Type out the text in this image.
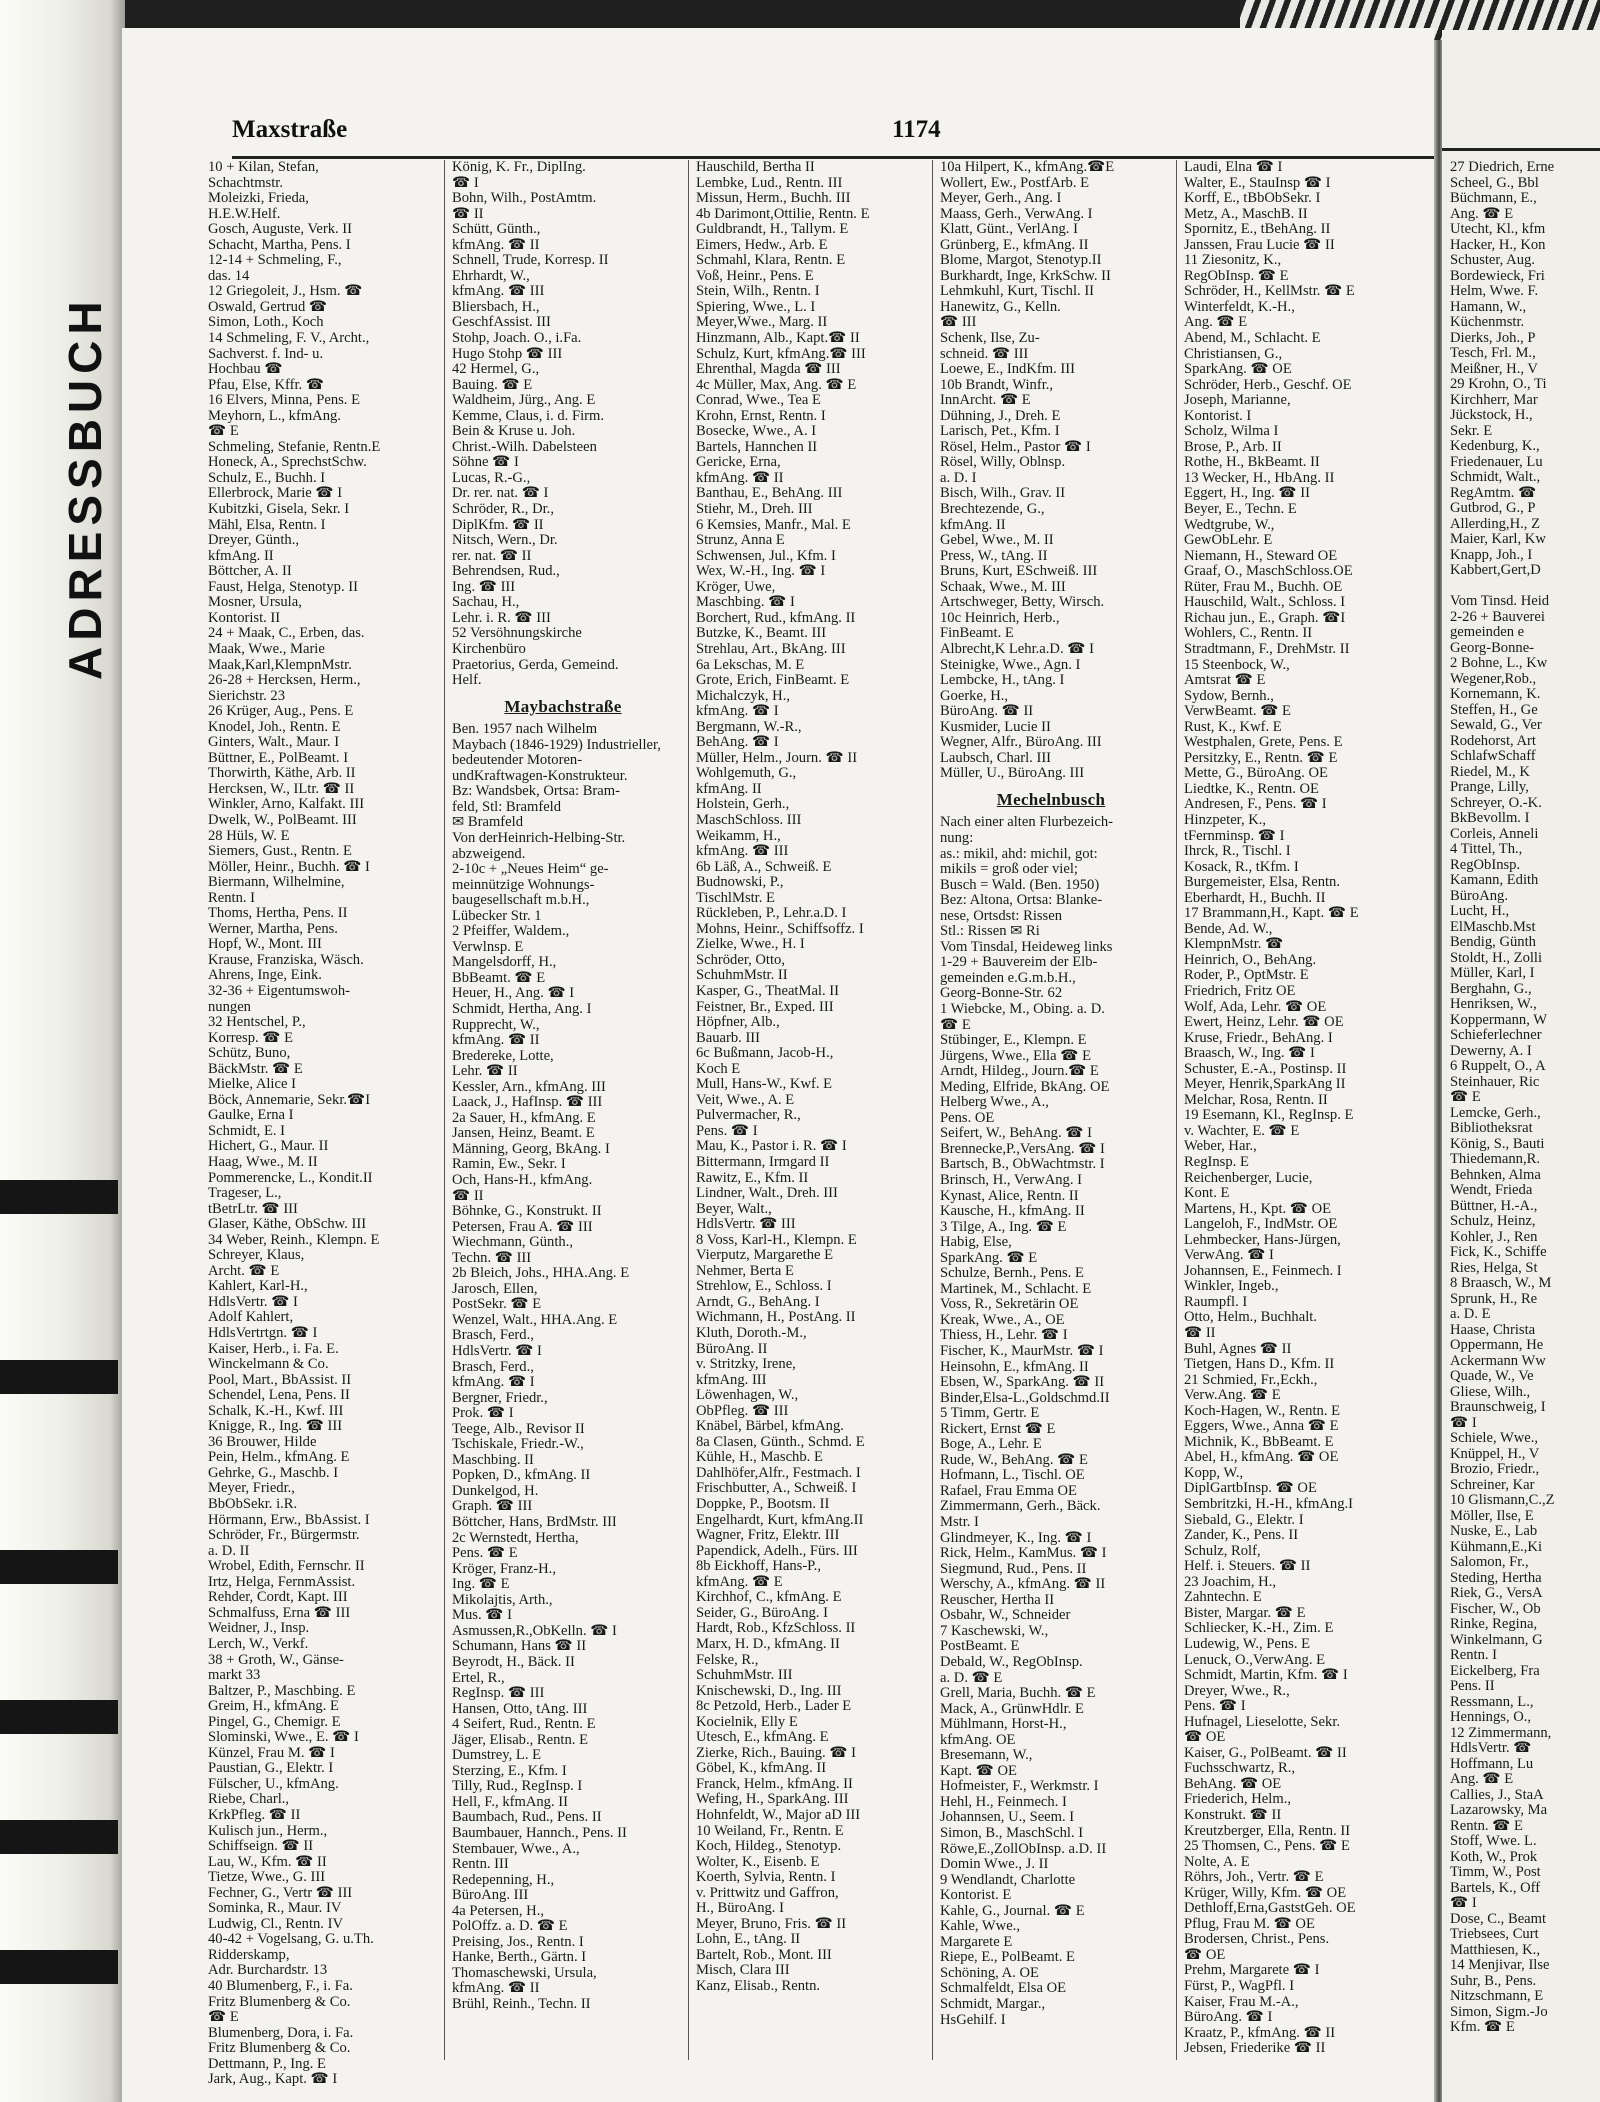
ADRESSBUCH
Maxstraße	1174
27 Diedrich, Erne
Scheel, G., Bbl
Büchmann, E.,
Ang. ☎ E
Utecht, Kl., kfm
Hacker, H., Kon
Schuster, Aug.
Bordewieck, Fri
Helm, Wwe. F.
Hamann, W.,
Küchenmstr.
Dierks, Joh., P
Tesch, Frl. M.,
Meißner, H., V
29 Krohn, O., Ti
Kirchherr, Mar
Jückstock, H.,
Sekr. E
Kedenburg, K.,
Friedenauer, Lu
Schmidt, Walt.,
RegAmtm. ☎
Gutbrod, G., P
Allerding,H., Z
Maier, Karl, Kw
Knapp, Joh., I
Kabbert,Gert,D

Vom Tinsd. Heid
2-26 + Bauverei
gemeinden e
Georg-Bonne-
2 Bohne, L., Kw
Wegener,Rob.,
Kornemann, K.
Steffen, H., Ge
Sewald, G., Ver
Rodehorst, Art
SchlafwSchaff
Riedel, M., K
Prange, Lilly,
Schreyer, O.-K.
BkBevollm. I
Corleis, Anneli
4 Tittel, Th.,
RegObInsp.
Kamann, Edith
BüroAng.
Lucht, H.,
ElMaschb.Mst
Bendig, Günth
Stoldt, H., Zolli
Müller, Karl, I
Berghahn, G.,
Henriksen, W.,
Koppermann, W
Schieferlechner
Dewerny, A. I
6 Ruppelt, O., A
Steinhauer, Ric
☎ E
Lemcke, Gerh.,
Bibliotheksrat
König, S., Bauti
Thiedemann,R.
Behnken, Alma
Wendt, Frieda
Büttner, H.-A.,
Schulz, Heinz,
Kohler, J., Ren
Fick, K., Schiffe
Ries, Helga, St
8 Braasch, W., M
Sprunk, H., Re
a. D. E
Haase, Christa
Oppermann, He
Ackermann Ww
Quade, W., Ve
Gliese, Wilh.,
Braunschweig, I
☎ I
Schiele, Wwe.,
Knüppel, H., V
Brozio, Friedr.,
Schreiner, Kar
10 Glismann,C.,Z
Möller, Ilse, E
Nuske, E., Lab
Kühmann,E.,Ki
Salomon, Fr.,
Steding, Hertha
Riek, G., VersA
Fischer, W., Ob
Rinke, Regina,
Winkelmann, G
Rentn. I
Eickelberg, Fra
Pens. II
Ressmann, L.,
Hennings, O.,
12 Zimmermann,
HdlsVertr. ☎
Hoffmann, Lu
Ang. ☎ E
Callies, J., StaA
Lazarowsky, Ma
Rentn. ☎ E
Stoff, Wwe. L.
Koth, W., Prok
Timm, W., Post
Bartels, K., Off
☎ I
Dose, C., Beamt
Triebsees, Curt
Matthiesen, K.,
14 Menjivar, Ilse
Suhr, B., Pens.
Nitzschmann, E
Simon, Sigm.-Jo
Kfm. ☎ E
10 + Kilan, Stefan,
Schachtmstr.
Moleizki, Frieda,
H.E.W.Helf.
Gosch, Auguste, Verk. II
Schacht, Martha, Pens. I
12-14 + Schmeling, F.,
das. 14
12 Griegoleit, J., Hsm. ☎
Oswald, Gertrud ☎
Simon, Loth., Koch
14 Schmeling, F. V., Archt.,
Sachverst. f. Ind- u.
Hochbau ☎
Pfau, Else, Kffr. ☎
16 Elvers, Minna, Pens. E
Meyhorn, L., kfmAng.
☎ E
Schmeling, Stefanie, Rentn.E
Honeck, A., SprechstSchw.
Schulz, E., Buchh. I
Ellerbrock, Marie ☎ I
Kubitzki, Gisela, Sekr. I
Mähl, Elsa, Rentn. I
Dreyer, Günth.,
kfmAng. II
Böttcher, A. II
Faust, Helga, Stenotyp. II
Mosner, Ursula,
Kontorist. II
24 + Maak, C., Erben, das.
Maak, Wwe., Marie
Maak,Karl,KlempnMstr.
26-28 + Hercksen, Herm.,
Sierichstr. 23
26 Krüger, Aug., Pens. E
Knodel, Joh., Rentn. E
Ginters, Walt., Maur. I
Büttner, E., PolBeamt. I
Thorwirth, Käthe, Arb. II
Hercksen, W., ILtr. ☎ II
Winkler, Arno, Kalfakt. III
Dwelk, W., PolBeamt. III
28 Hüls, W. E
Siemers, Gust., Rentn. E
Möller, Heinr., Buchh. ☎ I
Biermann, Wilhelmine,
Rentn. I
Thoms, Hertha, Pens. II
Werner, Martha, Pens.
Hopf, W., Mont. III
Krause, Franziska, Wäsch.
Ahrens, Inge, Eink.
32-36 + Eigentumswoh-
nungen
32 Hentschel, P.,
Korresp. ☎ E
Schütz, Buno,
BäckMstr. ☎ E
Mielke, Alice I
Böck, Annemarie, Sekr.☎I
Gaulke, Erna I
Schmidt, E. I
Hichert, G., Maur. II
Haag, Wwe., M. II
Pommerencke, L., Kondit.II
Trageser, L.,
tBetrLtr. ☎ III
Glaser, Käthe, ObSchw. III
34 Weber, Reinh., Klempn. E
Schreyer, Klaus,
Archt. ☎ E
Kahlert, Karl-H.,
HdlsVertr. ☎ I
Adolf Kahlert,
HdlsVertrtgn. ☎ I
Kaiser, Herb., i. Fa. E.
Winckelmann & Co.
Pool, Mart., BbAssist. II
Schendel, Lena, Pens. II
Schalk, K.-H., Kwf. III
Knigge, R., Ing. ☎ III
36 Brouwer, Hilde
Pein, Helm., kfmAng. E
Gehrke, G., Maschb. I
Meyer, Friedr.,
BbObSekr. i.R.
Hörmann, Erw., BbAssist. I
Schröder, Fr., Bürgermstr.
a. D. II
Wrobel, Edith, Fernschr. II
Irtz, Helga, FernmAssist.
Rehder, Cordt, Kapt. III
Schmalfuss, Erna ☎ III
Weidner, J., Insp.
Lerch, W., Verkf.
38 + Groth, W., Gänse-
markt 33
Baltzer, P., Maschbing. E
Greim, H., kfmAng. E
Pingel, G., Chemigr. E
Slominski, Wwe., E. ☎ I
Künzel, Frau M. ☎ I
Paustian, G., Elektr. I
Fülscher, U., kfmAng.
Riebe, Charl.,
KrkPfleg. ☎ II
Kulisch jun., Herm.,
Schiffseign. ☎ II
Lau, W., Kfm. ☎ II
Tietze, Wwe., G. III
Fechner, G., Vertr ☎ III
Sominka, R., Maur. IV
Ludwig, Cl., Rentn. IV
40-42 + Vogelsang, G. u.Th.
Ridderskamp,
Adr. Burchardstr. 13
40 Blumenberg, F., i. Fa.
Fritz Blumenberg & Co.
☎ E
Blumenberg, Dora, i. Fa.
Fritz Blumenberg & Co.
Dettmann, P., Ing. E
Jark, Aug., Kapt. ☎ I
König, K. Fr., DiplIng.
☎ I
Bohn, Wilh., PostAmtm.
☎ II
Schütt, Günth.,
kfmAng. ☎ II
Schnell, Trude, Korresp. II
Ehrhardt, W.,
kfmAng. ☎ III
Bliersbach, H.,
GeschfAssist. III
Stohp, Joach. O., i.Fa.
Hugo Stohp ☎ III
42 Hermel, G.,
Bauing. ☎ E
Waldheim, Jürg., Ang. E
Kemme, Claus, i. d. Firm.
Bein & Kruse u. Joh.
Christ.-Wilh. Dabelsteen
Söhne ☎ I
Lucas, R.-G.,
Dr. rer. nat. ☎ I
Schröder, R., Dr.,
DiplKfm. ☎ II
Nitsch, Wern., Dr.
rer. nat. ☎ II
Behrendsen, Rud.,
Ing. ☎ III
Sachau, H.,
Lehr. i. R. ☎ III
52 Versöhnungskirche
Kirchenbüro
Praetorius, Gerda, Gemeind.
Helf.
Maybachstraße
Ben. 1957 nach Wilhelm
Maybach (1846-1929) Industrieller,
bedeutender Motoren-
undKraftwagen-Konstrukteur.
Bz: Wandsbek, Ortsa: Bram-
feld, Stl: Bramfeld
✉ Bramfeld
Von derHeinrich-Helbing-Str.
abzweigend.
2-10c + „Neues Heim“ ge-
meinnützige Wohnungs-
baugesellschaft m.b.H.,
Lübecker Str. 1
2 Pfeiffer, Waldem.,
Verwlnsp. E
Mangelsdorff, H.,
BbBeamt. ☎ E
Heuer, H., Ang. ☎ I
Schmidt, Hertha, Ang. I
Rupprecht, W.,
kfmAng. ☎ II
Bredereke, Lotte,
Lehr. ☎ II
Kessler, Arn., kfmAng. III
Laack, J., HafInsp. ☎ III
2a Sauer, H., kfmAng. E
Jansen, Heinz, Beamt. E
Männing, Georg, BkAng. I
Ramin, Ew., Sekr. I
Och, Hans-H., kfmAng.
☎ II
Böhnke, G., Konstrukt. II
Petersen, Frau A. ☎ III
Wiechmann, Günth.,
Techn. ☎ III
2b Bleich, Johs., HHA.Ang. E
Jarosch, Ellen,
PostSekr. ☎ E
Wenzel, Walt., HHA.Ang. E
Brasch, Ferd.,
HdlsVertr. ☎ I
Brasch, Ferd.,
kfmAng. ☎ I
Bergner, Friedr.,
Prok. ☎ I
Teege, Alb., Revisor II
Tschiskale, Friedr.-W.,
Maschbing. II
Popken, D., kfmAng. II
Dunkelgod, H.
Graph. ☎ III
Böttcher, Hans, BrdMstr. III
2c Wernstedt, Hertha,
Pens. ☎ E
Kröger, Franz-H.,
Ing. ☎ E
Mikolajtis, Arth.,
Mus. ☎ I
Asmussen,R.,ObKelln. ☎ I
Schumann, Hans ☎ II
Beyrodt, H., Bäck. II
Ertel, R.,
RegInsp. ☎ III
Hansen, Otto, tAng. III
4 Seifert, Rud., Rentn. E
Jäger, Elisab., Rentn. E
Dumstrey, L. E
Sterzing, E., Kfm. I
Tilly, Rud., RegInsp. I
Hell, F., kfmAng. II
Baumbach, Rud., Pens. II
Baumbauer, Hannch., Pens. II
Stembauer, Wwe., A.,
Rentn. III
Redepenning, H.,
BüroAng. III
4a Petersen, H.,
PolOffz. a. D. ☎ E
Preising, Jos., Rentn. I
Hanke, Berth., Gärtn. I
Thomaschewski, Ursula,
kfmAng. ☎ II
Brühl, Reinh., Techn. II
Hauschild, Bertha II
Lembke, Lud., Rentn. III
Missun, Herm., Buchh. III
4b Darimont,Ottilie, Rentn. E
Guldbrandt, H., Tallym. E
Eimers, Hedw., Arb. E
Schmahl, Klara, Rentn. E
Voß, Heinr., Pens. E
Stein, Wilh., Rentn. I
Spiering, Wwe., L. I
Meyer,Wwe., Marg. II
Hinzmann, Alb., Kapt.☎ II
Schulz, Kurt, kfmAng.☎ III
Ehrenthal, Magda ☎ III
4c Müller, Max, Ang. ☎ E
Conrad, Wwe., Tea E
Krohn, Ernst, Rentn. I
Bosecke, Wwe., A. I
Bartels, Hannchen II
Gericke, Erna,
kfmAng. ☎ II
Banthau, E., BehAng. III
Stiehr, M., Dreh. III
6 Kemsies, Manfr., Mal. E
Strunz, Anna E
Schwensen, Jul., Kfm. I
Wex, W.-H., Ing. ☎ I
Kröger, Uwe,
Maschbing. ☎ I
Borchert, Rud., kfmAng. II
Butzke, K., Beamt. III
Strehlau, Art., BkAng. III
6a Lekschas, M. E
Grote, Erich, FinBeamt. E
Michalczyk, H.,
kfmAng. ☎ I
Bergmann, W.-R.,
BehAng. ☎ I
Müller, Helm., Journ. ☎ II
Wohlgemuth, G.,
kfmAng. II
Holstein, Gerh.,
MaschSchloss. III
Weikamm, H.,
kfmAng. ☎ III
6b Läß, A., Schweiß. E
Budnowski, P.,
TischlMstr. E
Rückleben, P., Lehr.a.D. I
Mohns, Heinr., Schiffsoffz. I
Zielke, Wwe., H. I
Schröder, Otto,
SchuhmMstr. II
Kasper, G., TheatMal. II
Feistner, Br., Exped. III
Höpfner, Alb.,
Bauarb. III
6c Bußmann, Jacob-H.,
Koch E
Mull, Hans-W., Kwf. E
Veit, Wwe., A. E
Pulvermacher, R.,
Pens. ☎ I
Mau, K., Pastor i. R. ☎ I
Bittermann, Irmgard II
Rawitz, E., Kfm. II
Lindner, Walt., Dreh. III
Beyer, Walt.,
HdlsVertr. ☎ III
8 Voss, Karl-H., Klempn. E
Vierputz, Margarethe E
Nehmer, Berta E
Strehlow, E., Schloss. I
Arndt, G., BehAng. I
Wichmann, H., PostAng. II
Kluth, Doroth.-M.,
BüroAng. II
v. Stritzky, Irene,
kfmAng. III
Löwenhagen, W.,
ObPfleg. ☎ III
Knäbel, Bärbel, kfmAng.
8a Clasen, Günth., Schmd. E
Kühle, H., Maschb. E
Dahlhöfer,Alfr., Festmach. I
Frischbutter, A., Schweiß. I
Doppke, P., Bootsm. II
Engelhardt, Kurt, kfmAng.II
Wagner, Fritz, Elektr. III
Papendick, Adelh., Fürs. III
8b Eickhoff, Hans-P.,
kfmAng. ☎ E
Kirchhof, C., kfmAng. E
Seider, G., BüroAng. I
Hardt, Rob., KfzSchloss. II
Marx, H. D., kfmAng. II
Felske, R.,
SchuhmMstr. III
Knischewski, D., Ing. III
8c Petzold, Herb., Lader E
Kocielnik, Elly E
Utesch, E., kfmAng. E
Zierke, Rich., Bauing. ☎ I
Göbel, K., kfmAng. II
Franck, Helm., kfmAng. II
Wefing, H., SparkAng. III
Hohnfeldt, W., Major aD III
10 Weiland, Fr., Rentn. E
Koch, Hildeg., Stenotyp.
Wolter, K., Eisenb. E
Koerth, Sylvia, Rentn. I
v. Prittwitz und Gaffron,
H., BüroAng. I
Meyer, Bruno, Fris. ☎ II
Lohn, E., tAng. II
Bartelt, Rob., Mont. III
Misch, Clara III
Kanz, Elisab., Rentn.
10a Hilpert, K., kfmAng.☎E
Wollert, Ew., PostfArb. E
Meyer, Gerh., Ang. I
Maass, Gerh., VerwAng. I
Klatt, Günt., VerlAng. I
Grünberg, E., kfmAng. II
Blome, Margot, Stenotyp.II
Burkhardt, Inge, KrkSchw. II
Lehmkuhl, Kurt, Tischl. II
Hanewitz, G., Kelln.
☎ III
Schenk, Ilse, Zu-
schneid. ☎ III
Loewe, E., IndKfm. III
10b Brandt, Winfr.,
InnArcht. ☎ E
Dühning, J., Dreh. E
Larisch, Pet., Kfm. I
Rösel, Helm., Pastor ☎ I
Rösel, Willy, Oblnsp.
a. D. I
Bisch, Wilh., Grav. II
Brechtezende, G.,
kfmAng. II
Gebel, Wwe., M. II
Press, W., tAng. II
Bruns, Kurt, ESchweiß. III
Schaak, Wwe., M. III
Artschweger, Betty, Wirsch.
10c Heinrich, Herb.,
FinBeamt. E
Albrecht,K Lehr.a.D. ☎ I
Steinigke, Wwe., Agn. I
Lembcke, H., tAng. I
Goerke, H.,
BüroAng. ☎ II
Kusmider, Lucie II
Wegner, Alfr., BüroAng. III
Laubsch, Charl. III
Müller, U., BüroAng. III
Mechelnbusch
Nach einer alten Flurbezeich-
nung:
as.: mikil, ahd: michil, got:
mikils = groß oder viel;
Busch = Wald. (Ben. 1950)
Bez: Altona, Ortsa: Blanke-
nese, Ortsdst: Rissen
Stl.: Rissen ✉ Ri
Vom Tinsdal, Heideweg links
1-29 + Bauvereim der Elb-
gemeinden e.G.m.b.H.,
Georg-Bonne-Str. 62
1 Wiebcke, M., Obing. a. D.
☎ E
Stübinger, E., Klempn. E
Jürgens, Wwe., Ella ☎ E
Arndt, Hildeg., Journ.☎ E
Meding, Elfride, BkAng. OE
Helberg Wwe., A.,
Pens. OE
Seifert, W., BehAng. ☎ I
Brennecke,P.,VersAng. ☎ I
Bartsch, B., ObWachtmstr. I
Brinsch, H., VerwAng. I
Kynast, Alice, Rentn. II
Kausche, H., kfmAng. II
3 Tilge, A., Ing. ☎ E
Habig, Else,
SparkAng. ☎ E
Schulze, Bernh., Pens. E
Martinek, M., Schlacht. E
Voss, R., Sekretärin OE
Kreak, Wwe., A., OE
Thiess, H., Lehr. ☎ I
Fischer, K., MaurMstr. ☎ I
Heinsohn, E., kfmAng. II
Ebsen, W., SparkAng. ☎ II
Binder,Elsa-L.,Goldschmd.II
5 Timm, Gertr. E
Rickert, Ernst ☎ E
Boge, A., Lehr. E
Rude, W., BehAng. ☎ E
Hofmann, L., Tischl. OE
Rafael, Frau Emma OE
Zimmermann, Gerh., Bäck.
Mstr. I
Glindmeyer, K., Ing. ☎ I
Rick, Helm., KamMus. ☎ I
Siegmund, Rud., Pens. II
Werschy, A., kfmAng. ☎ II
Reuscher, Hertha II
Osbahr, W., Schneider
7 Kaschewski, W.,
PostBeamt. E
Debald, W., RegObInsp.
a. D. ☎ E
Grell, Maria, Buchh. ☎ E
Mack, A., GrünwHdlr. E
Mühlmann, Horst-H.,
kfmAng. OE
Bresemann, W.,
Kapt. ☎ OE
Hofmeister, F., Werkmstr. I
Hehl, H., Feinmech. I
Johannsen, U., Seem. I
Simon, B., MaschSchl. I
Röwe,E.,ZollObInsp. a.D. II
Domin Wwe., J. II
9 Wendlandt, Charlotte
Kontorist. E
Kahle, G., Journal. ☎ E
Kahle, Wwe.,
Margarete E
Riepe, E., PolBeamt. E
Schöning, A. OE
Schmalfeldt, Elsa OE
Schmidt, Margar.,
HsGehilf. I
Laudi, Elna ☎ I
Walter, E., StauInsp ☎ I
Korff, E., tBbObSekr. I
Metz, A., MaschB. II
Spornitz, E., tBehAng. II
Janssen, Frau Lucie ☎ II
11 Ziesonitz, K.,
RegObInsp. ☎ E
Schröder, H., KellMstr. ☎ E
Winterfeldt, K.-H.,
Ang. ☎ E
Abend, M., Schlacht. E
Christiansen, G.,
SparkAng. ☎ OE
Schröder, Herb., Geschf. OE
Joseph, Marianne,
Kontorist. I
Scholz, Wilma I
Brose, P., Arb. II
Rothe, H., BkBeamt. II
13 Wecker, H., HbAng. II
Eggert, H., Ing. ☎ II
Beyer, E., Techn. E
Wedtgrube, W.,
GewObLehr. E
Niemann, H., Steward OE
Graaf, O., MaschSchloss.OE
Rüter, Frau M., Buchh. OE
Hauschild, Walt., Schloss. I
Richau jun., E., Graph. ☎I
Wohlers, C., Rentn. II
Stradtmann, F., DrehMstr. II
15 Steenbock, W.,
Amtsrat ☎ E
Sydow, Bernh.,
VerwBeamt. ☎ E
Rust, K., Kwf. E
Westphalen, Grete, Pens. E
Persitzky, E., Rentn. ☎ E
Mette, G., BüroAng. OE
Liedtke, K., Rentn. OE
Andresen, F., Pens. ☎ I
Hinzpeter, K.,
tFernminsp. ☎ I
Ihrck, R., Tischl. I
Kosack, R., tKfm. I
Burgemeister, Elsa, Rentn.
Eberhardt, H., Buchh. II
17 Brammann,H., Kapt. ☎ E
Bende, Ad. W.,
KlempnMstr. ☎
Heinrich, O., BehAng.
Roder, P., OptMstr. E
Friedrich, Fritz OE
Wolf, Ada, Lehr. ☎ OE
Ewert, Heinz, Lehr. ☎ OE
Kruse, Friedr., BehAng. I
Braasch, W., Ing. ☎ I
Schuster, E.-A., Postinsp. II
Meyer, Henrik,SparkAng II
Melchar, Rosa, Rentn. II
19 Esemann, Kl., RegInsp. E
v. Wachter, E. ☎ E
Weber, Har.,
RegInsp. E
Reichenberger, Lucie,
Kont. E
Martens, H., Kpt. ☎ OE
Langeloh, F., IndMstr. OE
Lehmbecker, Hans-Jürgen,
VerwAng. ☎ I
Johannsen, E., Feinmech. I
Winkler, Ingeb.,
Raumpfl. I
Otto, Helm., Buchhalt.
☎ II
Buhl, Agnes ☎ II
Tietgen, Hans D., Kfm. II
21 Schmied, Fr.,Eckh.,
Verw.Ang. ☎ E
Koch-Hagen, W., Rentn. E
Eggers, Wwe., Anna ☎ E
Michnik, K., BbBeamt. E
Abel, H., kfmAng. ☎ OE
Kopp, W.,
DiplGartbInsp. ☎ OE
Sembritzki, H.-H., kfmAng.I
Siebald, G., Elektr. I
Zander, K., Pens. II
Schulz, Rolf,
Helf. i. Steuers. ☎ II
23 Joachim, H.,
Zahntechn. E
Bister, Margar. ☎ E
Schliecker, K.-H., Zim. E
Ludewig, W., Pens. E
Lenuck, O.,VerwAng. E
Schmidt, Martin, Kfm. ☎ I
Dreyer, Wwe., R.,
Pens. ☎ I
Hufnagel, Lieselotte, Sekr.
☎ OE
Kaiser, G., PolBeamt. ☎ II
Fuchsschwartz, R.,
BehAng. ☎ OE
Friederich, Helm.,
Konstrukt. ☎ II
Kreutzberger, Ella, Rentn. II
25 Thomsen, C., Pens. ☎ E
Nolte, A. E
Röhrs, Joh., Vertr. ☎ E
Krüger, Willy, Kfm. ☎ OE
Dethloff,Erna,GaststGeh. OE
Pflug, Frau M. ☎ OE
Brodersen, Christ., Pens.
☎ OE
Prehm, Margarete ☎ I
Fürst, P., WagPfl. I
Kaiser, Frau M.-A.,
BüroAng. ☎ I
Kraatz, P., kfmAng. ☎ II
Jebsen, Friederike ☎ II
